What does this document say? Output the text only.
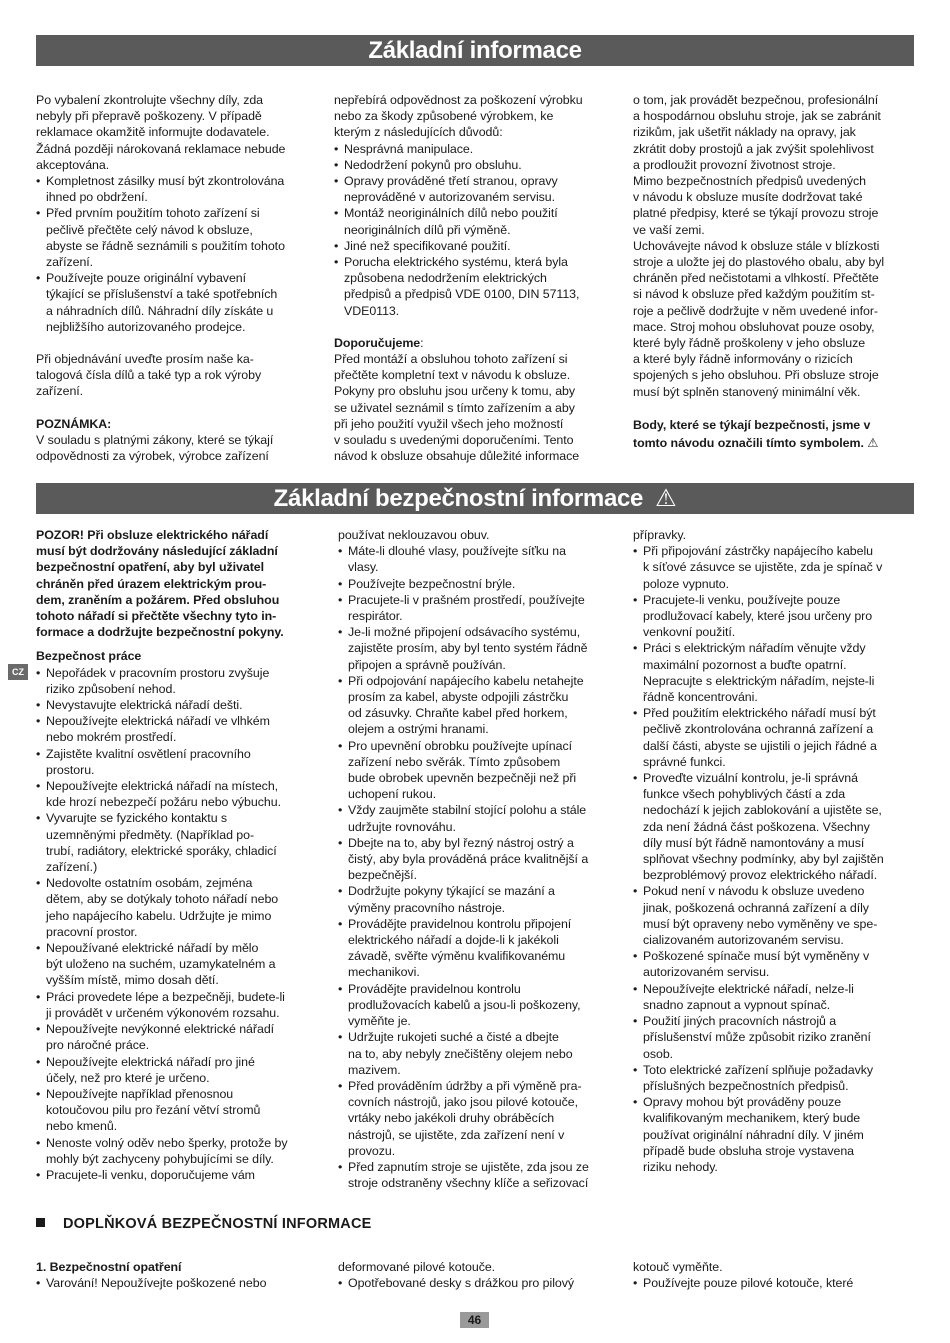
Základní informace

Po vybalení zkontrolujte všechny díly, zda
nebyly při přepravě poškozeny. V případě
reklamace okamžitě informujte dodavatele.
Žádná později nárokovaná reklamace nebude
akceptována.

• Kompletnost zásilky musí být zkontrolována
ihned po obdržení.
• Před prvním použitím tohoto zařízení si
pečlivě přečtěte celý návod k obsluze,
abyste se řádně seznámili s použitím tohoto
zařízení.
• Používejte pouze originální vybavení
týkající se příslušenství a také spotřebních
a náhradních dílů. Náhradní díly získáte u
nejbližšího autorizovaného prodejce.

Při objednávání uveďte prosím naše ka-
talogová čísla dílů a také typ a rok výroby
zařízení.

POZNÁMKA:

V souladu s platnými zákony, které se týkají
odpovědnosti za výrobek, výrobce zařízení

nepřebírá odpovědnost za poškození výrobku
nebo za škody způsobené výrobkem, ke
kterým z následujících důvodů:

• Nesprávná manipulace.
• Nedodržení pokynů pro obsluhu.
• Opravy prováděné třetí stranou, opravy
neprováděné v autorizovaném servisu.
• Montáž neoriginálních dílů nebo použití
neoriginálních dílů při výměně.
• Jiné než specifikované použití.
• Porucha elektrického systému, která byla
způsobena nedodržením elektrických
předpisů a předpisů VDE 0100, DIN 57113,
VDE0113.

Doporučujeme:

Před montáží a obsluhou tohoto zařízení si
přečtěte kompletní text v návodu k obsluze.
Pokyny pro obsluhu jsou určeny k tomu, aby
se uživatel seznámil s tímto zařízením a aby
při jeho použití využil všech jeho možností
v souladu s uvedenými doporučeními. Tento
návod k obsluze obsahuje důležité informace

o tom, jak provádět bezpečnou, profesionální
a hospodárnou obsluhu stroje, jak se zabránit
rizikům, jak ušetřit náklady na opravy, jak
zkrátit doby prostojů a jak zvýšit spolehlivost
a prodloužit provozní životnost stroje.
Mimo bezpečnostních předpisů uvedených
v návodu k obsluze musíte dodržovat také
platné předpisy, které se týkají provozu stroje
ve vaší zemi.
Uchovávejte návod k obsluze stále v blízkosti
stroje a uložte jej do plastového obalu, aby byl
chráněn před nečistotami a vlhkostí. Přečtěte
si návod k obsluze před každým použitím st-
roje a pečlivě dodržujte v něm uvedené infor-
mace. Stroj mohou obsluhovat pouze osoby,
které byly řádně proškoleny v jeho obsluze
a které byly řádně informovány o rizicích
spojených s jeho obsluhou. Při obsluze stroje
musí být splněn stanovený minimální věk.

Body, které se týkají bezpečnosti, jsme v
tomto návodu označili tímto symbolem. ⚠

Základní bezpečnostní informace ⚠
CZ

POZOR! Při obsluze elektrického nářadí
musí být dodržovány následující základní
bezpečnostní opatření, aby byl uživatel
chráněn před úrazem elektrickým prou-
dem, zraněním a požárem. Před obsluhou
tohoto nářadí si přečtěte všechny tyto in-
formace a dodržujte bezpečnostní pokyny.

Bezpečnost práce

• Nepořádek v pracovním prostoru zvyšuje
riziko způsobení nehod.
• Nevystavujte elektrická nářadí dešti.
• Nepoužívejte elektrická nářadí ve vlhkém
nebo mokrém prostředí.
• Zajistěte kvalitní osvětlení pracovního
prostoru.
• Nepoužívejte elektrická nářadí na místech,
kde hrozí nebezpečí požáru nebo výbuchu.
• Vyvarujte se fyzického kontaktu s
uzemněnými předměty. (Například po-
trubí, radiátory, elektrické sporáky, chladicí
zařízení.)
• Nedovolte ostatním osobám, zejména
dětem, aby se dotýkaly tohoto nářadí nebo
jeho napájecího kabelu. Udržujte je mimo
pracovní prostor.
• Nepoužívané elektrické nářadí by mělo
být uloženo na suchém, uzamykatelném a
vyšším místě, mimo dosah dětí.
• Práci provedete lépe a bezpečněji, budete-li
ji provádět v určeném výkonovém rozsahu.
• Nepoužívejte nevýkonné elektrické nářadí
pro náročné práce.
• Nepoužívejte elektrická nářadí pro jiné
účely, než pro které je určeno.
• Nepoužívejte například přenosnou
kotoučovou pilu pro řezání větví stromů
nebo kmenů.
• Nenoste volný oděv nebo šperky, protože by
mohly být zachyceny pohybujícími se díly.
• Pracujete-li venku, doporučujeme vám

používat neklouzavou obuv.

• Máte-li dlouhé vlasy, používejte síťku na
vlasy.
• Používejte bezpečnostní brýle.
• Pracujete-li v prašném prostředí, používejte
respirátor.
• Je-li možné připojení odsávacího systému,
zajistěte prosím, aby byl tento systém řádně
připojen a správně používán.
• Při odpojování napájecího kabelu netahejte
prosím za kabel, abyste odpojili zástrčku
od zásuvky. Chraňte kabel před horkem,
olejem a ostrými hranami.
• Pro upevnění obrobku používejte upínací
zařízení nebo svěrák. Tímto způsobem
bude obrobek upevněn bezpečněji než při
uchopení rukou.
• Vždy zaujměte stabilní stojící polohu a stále
udržujte rovnováhu.
• Dbejte na to, aby byl řezný nástroj ostrý a
čistý, aby byla prováděná práce kvalitnější a
bezpečnější.
• Dodržujte pokyny týkající se mazání a
výměny pracovního nástroje.
• Provádějte pravidelnou kontrolu připojení
elektrického nářadí a dojde-li k jakékoli
závadě, svěřte výměnu kvalifikovanému
mechanikovi.
• Provádějte pravidelnou kontrolu
prodlužovacích kabelů a jsou-li poškozeny,
vyměňte je.
• Udržujte rukojeti suché a čisté a dbejte
na to, aby nebyly znečištěny olejem nebo
mazivem.
• Před prováděním údržby a při výměně pra-
covních nástrojů, jako jsou pilové kotouče,
vrtáky nebo jakékoli druhy obráběcích
nástrojů, se ujistěte, zda zařízení není v
provozu.
• Před zapnutím stroje se ujistěte, zda jsou ze
stroje odstraněny všechny klíče a seřizovací

přípravky.

• Při připojování zástrčky napájecího kabelu
k síťové zásuvce se ujistěte, zda je spínač v
poloze vypnuto.
• Pracujete-li venku, používejte pouze
prodlužovací kabely, které jsou určeny pro
venkovní použití.
• Práci s elektrickým nářadím věnujte vždy
maximální pozornost a buďte opatrní.
Nepracujte s elektrickým nářadím, nejste-li
řádně koncentrováni.
• Před použitím elektrického nářadí musí být
pečlivě zkontrolována ochranná zařízení a
další části, abyste se ujistili o jejich řádné a
správné funkci.
• Proveďte vizuální kontrolu, je-li správná
funkce všech pohyblivých částí a zda
nedochází k jejich zablokování a ujistěte se,
zda není žádná část poškozena. Všechny
díly musí být řádně namontovány a musí
splňovat všechny podmínky, aby byl zajištěn
bezproblémový provoz elektrického nářadí.
• Pokud není v návodu k obsluze uvedeno
jinak, poškozená ochranná zařízení a díly
musí být opraveny nebo vyměněny ve spe-
cializovaném autorizovaném servisu.
• Poškozené spínače musí být vyměněny v
autorizovaném servisu.
• Nepoužívejte elektrické nářadí, nelze-li
snadno zapnout a vypnout spínač.
• Použití jiných pracovních nástrojů a
příslušenství může způsobit riziko zranění
osob.
• Toto elektrické zařízení splňuje požadavky
příslušných bezpečnostních předpisů.
• Opravy mohou být prováděny pouze
kvalifikovaným mechanikem, který bude
používat originální náhradní díly. V jiném
případě bude obsluha stroje vystavena
riziku nehody.
DOPLŇKOVÁ BEZPEČNOSTNÍ INFORMACE

1. Bezpečnostní opatření

• Varování! Nepoužívejte poškozené nebo

deformované pilové kotouče.

• Opotřebované desky s drážkou pro pilový

kotouč vyměňte.

• Používejte pouze pilové kotouče, které
46
